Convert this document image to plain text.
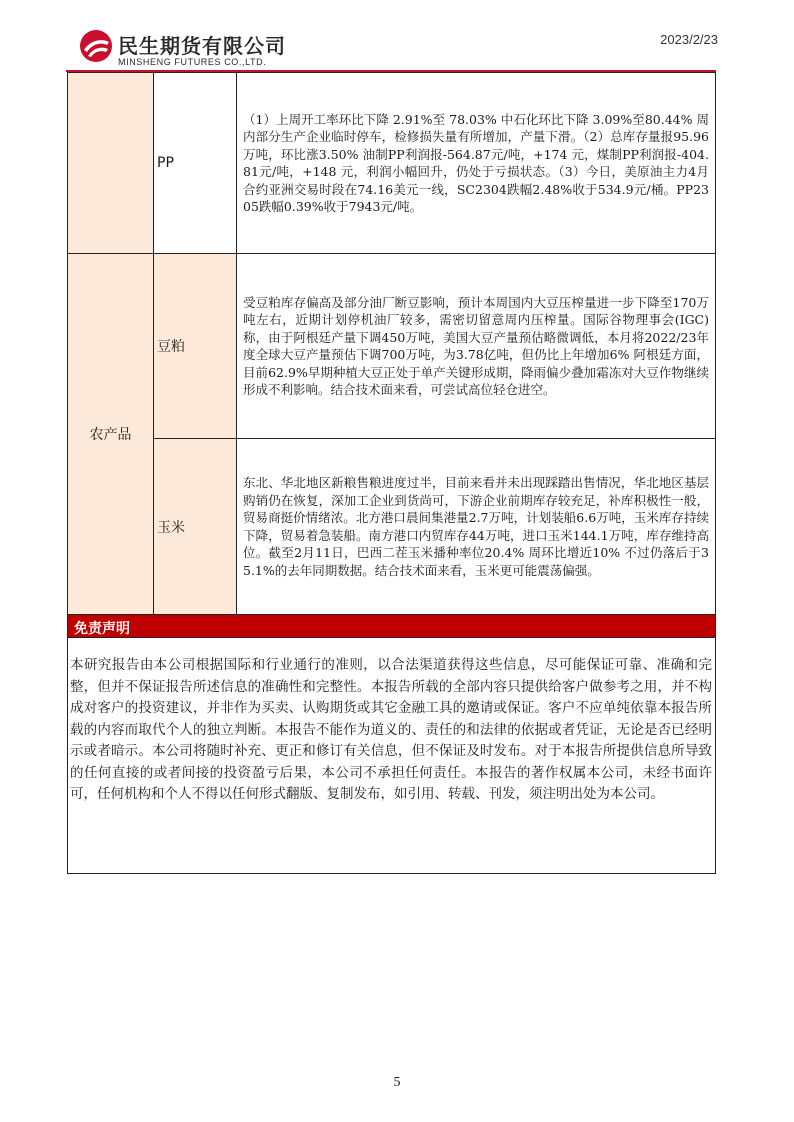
民生期货有限公司
MINSHENG FUTURES CO.,LTD.
2023/2/23
	PP	（1）上周开工率环比下降 2.91%至 78.03% 中石化环比下降 3.09%至80.44% 周内部分生产企业临时停车，检修损失量有所增加，产量下滑。（2）总库存量报95.96万吨，环比涨3.50% 油制PP利润报-564.87元/吨，+174 元，煤制PP利润报-404.81元/吨，+148 元，利润小幅回升，仍处于亏损状态。（3）今日，美原油主力4月合约亚洲交易时段在74.16美元一线，SC2304跌幅2.48%收于534.9元/桶。PP2305跌幅0.39%收于7943元/吨。
农产品	豆粕	受豆粕库存偏高及部分油厂断豆影响，预计本周国内大豆压榨量进一步下降至170万吨左右，近期计划停机油厂较多，需密切留意周内压榨量。国际谷物理事会(IGC)称，由于阿根廷产量下调450万吨，美国大豆产量预估略微调低，本月将2022/23年度全球大豆产量预估下调700万吨，为3.78亿吨，但仍比上年增加6% 阿根廷方面，目前62.9%早期种植大豆正处于单产关键形成期，降雨偏少叠加霜冻对大豆作物继续形成不利影响。结合技术面来看，可尝试高位轻仓进空。
	玉米	东北、华北地区新粮售粮进度过半，目前来看并未出现踩踏出售情况，华北地区基层购销仍在恢复，深加工企业到货尚可，下游企业前期库存较充足，补库积极性一般，贸易商挺价情绪浓。北方港口晨间集港量2.7万吨，计划装船6.6万吨，玉米库存持续下降，贸易着急装船。南方港口内贸库存44万吨，进口玉米144.1万吨，库存维持高位。截至2月11日，巴西二茬玉米播种率位20.4% 周环比增近10% 不过仍落后于35.1%的去年同期数据。结合技术面来看，玉米更可能震荡偏强。
免责声明
本研究报告由本公司根据国际和行业通行的准则，以合法渠道获得这些信息，尽可能保证可靠、准确和完整，但并不保证报告所述信息的准确性和完整性。本报告所载的全部内容只提供给客户做参考之用，并不构成对客户的投资建议，并非作为买卖、认购期货或其它金融工具的邀请或保证。客户不应单纯依靠本报告所载的内容而取代个人的独立判断。本报告不能作为道义的、责任的和法律的依据或者凭证，无论是否已经明示或者暗示。本公司将随时补充、更正和修订有关信息，但不保证及时发布。对于本报告所提供信息所导致的任何直接的或者间接的投资盈亏后果，本公司不承担任何责任。本报告的著作权属本公司，未经书面许可，任何机构和个人不得以任何形式翻版、复制发布，如引用、转载、刊发，须注明出处为本公司。
5
